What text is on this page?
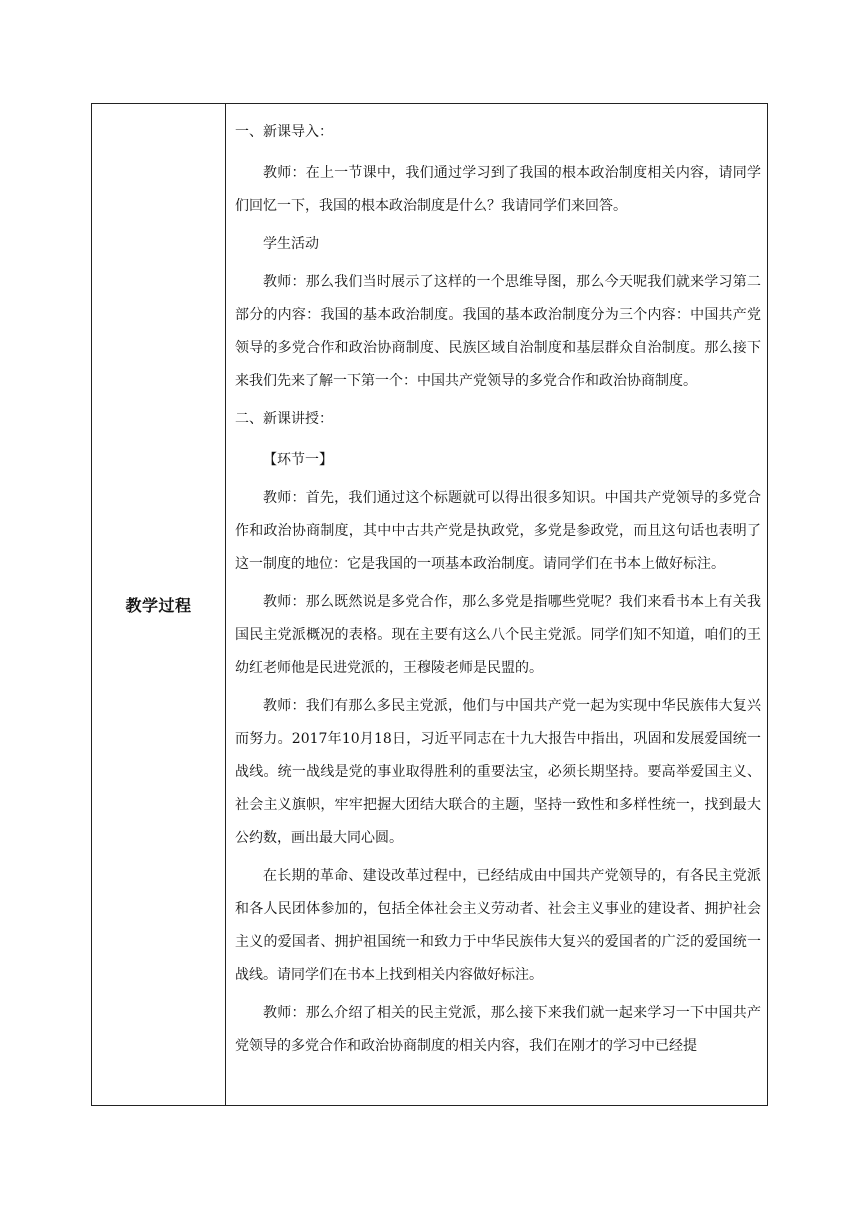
教学过程

一、新课导入：

教师：在上一节课中，我们通过学习到了我国的根本政治制度相关内容，请同学们回忆一下，我国的根本政治制度是什么？我请同学们来回答。

学生活动

教师：那么我们当时展示了这样的一个思维导图，那么今天呢我们就来学习第二部分的内容：我国的基本政治制度。我国的基本政治制度分为三个内容：中国共产党领导的多党合作和政治协商制度、民族区域自治制度和基层群众自治制度。那么接下来我们先来了解一下第一个：中国共产党领导的多党合作和政治协商制度。

二、新课讲授：

【环节一】

教师：首先，我们通过这个标题就可以得出很多知识。中国共产党领导的多党合作和政治协商制度，其中中古共产党是执政党，多党是参政党，而且这句话也表明了这一制度的地位：它是我国的一项基本政治制度。请同学们在书本上做好标注。

教师：那么既然说是多党合作，那么多党是指哪些党呢？我们来看书本上有关我国民主党派概况的表格。现在主要有这么八个民主党派。同学们知不知道，咱们的王幼红老师他是民进党派的，王穆陵老师是民盟的。

教师：我们有那么多民主党派，他们与中国共产党一起为实现中华民族伟大复兴而努力。2017年10月18日，习近平同志在十九大报告中指出，巩固和发展爱国统一战线。统一战线是党的事业取得胜利的重要法宝，必须长期坚持。要高举爱国主义、社会主义旗帜，牢牢把握大团结大联合的主题，坚持一致性和多样性统一，找到最大公约数，画出最大同心圆。

在长期的革命、建设改革过程中，已经结成由中国共产党领导的，有各民主党派和各人民团体参加的，包括全体社会主义劳动者、社会主义事业的建设者、拥护社会主义的爱国者、拥护祖国统一和致力于中华民族伟大复兴的爱国者的广泛的爱国统一战线。请同学们在书本上找到相关内容做好标注。

教师：那么介绍了相关的民主党派，那么接下来我们就一起来学习一下中国共产党领导的多党合作和政治协商制度的相关内容，我们在刚才的学习中已经提
